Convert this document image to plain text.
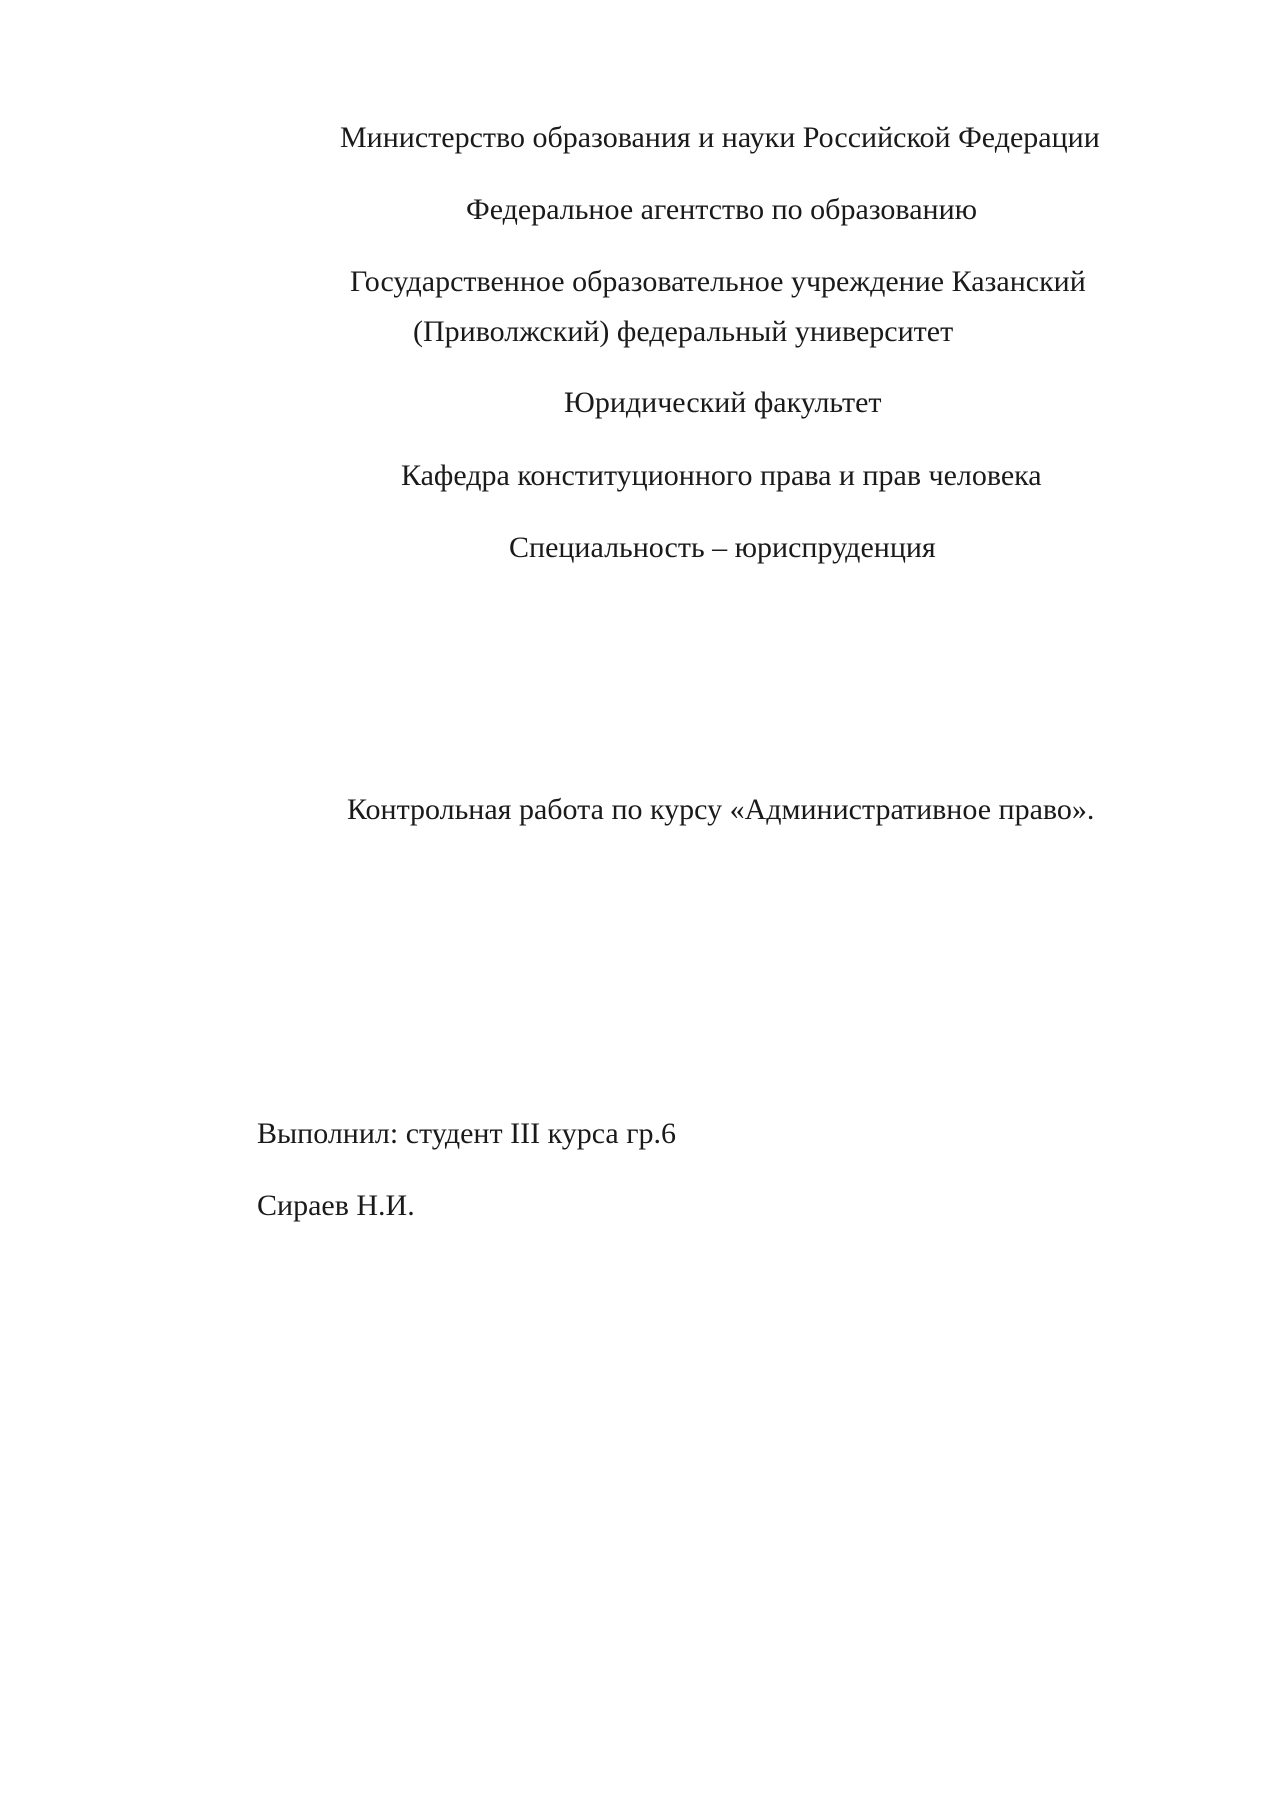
Министерство образования и науки Российской Федерации
Федеральное агентство по образованию
Государственное образовательное учреждение Казанский
(Приволжский) федеральный университет
Юридический факультет
Кафедра конституционного права и прав человека
Специальность – юриспруденция
Контрольная работа по курсу «Административное право».
Выполнил: студент III курса гр.6
Сираев Н.И.
